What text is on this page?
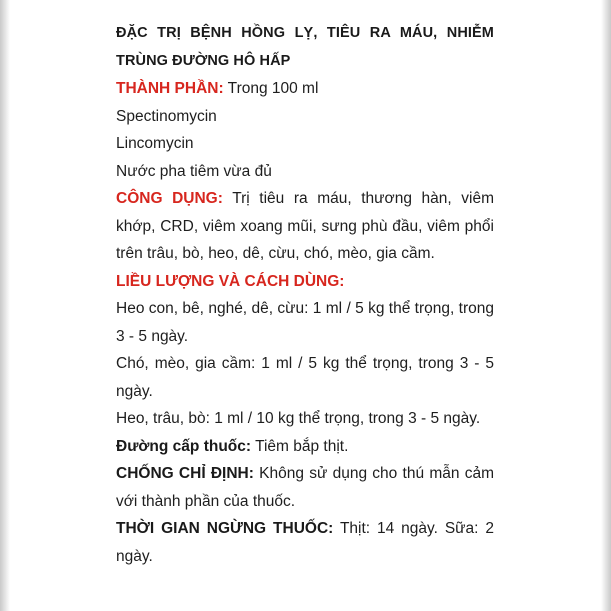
ĐẶC TRỊ BỆNH HỒNG LỴ, TIÊU RA MÁU, NHIỄM TRÙNG ĐƯỜNG HÔ HẤP

THÀNH PHẦN: Trong 100 ml

Spectinomycin

Lincomycin

Nước pha tiêm vừa đủ

CÔNG DỤNG: Trị tiêu ra máu, thương hàn, viêm khớp, CRD, viêm xoang mũi, sưng phù đầu, viêm phổi trên trâu, bò, heo, dê, cừu, chó, mèo, gia cầm.

LIỀU LƯỢNG VÀ CÁCH DÙNG:

Heo con, bê, nghé, dê, cừu: 1 ml / 5 kg thể trọng, trong 3 - 5 ngày.

Chó, mèo, gia cầm: 1 ml / 5 kg thể trọng, trong 3 - 5 ngày.

Heo, trâu, bò: 1 ml / 10 kg thể trọng, trong 3 - 5 ngày.

Đường cấp thuốc: Tiêm bắp thịt.

CHỐNG CHỈ ĐỊNH: Không sử dụng cho thú mẫn cảm với thành phần của thuốc.

THỜI GIAN NGỪNG THUỐC: Thịt: 14 ngày. Sữa: 2 ngày.
